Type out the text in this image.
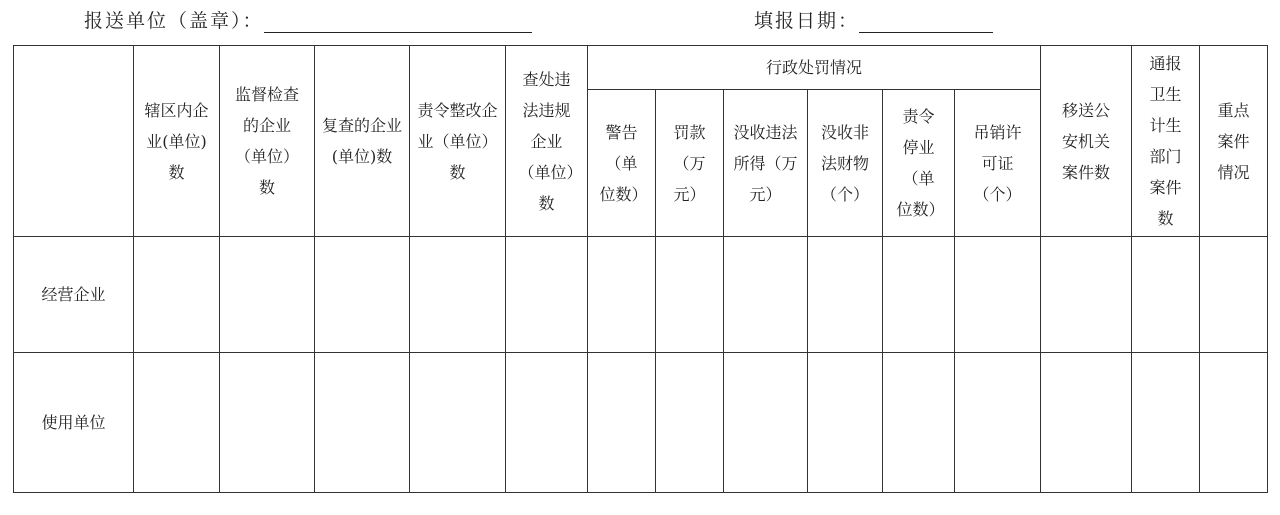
报送单位（盖章）：	填报日期：

	辖区内企业(单位)数	监督检查的企业（单位）数	复查的企业(单位)数	责令整改企业（单位）数	查处违法违规企业（单位）数	行政处罚情况						移送公安机关案件数	通报卫生计生部门案件数	重点案件情况

						警告（单位数）	罚款（万元）	没收违法所得（万元）	没收非法财物（个）	责令停业（单位数）	吊销许可证（个）			

经营企业														
使用单位														
